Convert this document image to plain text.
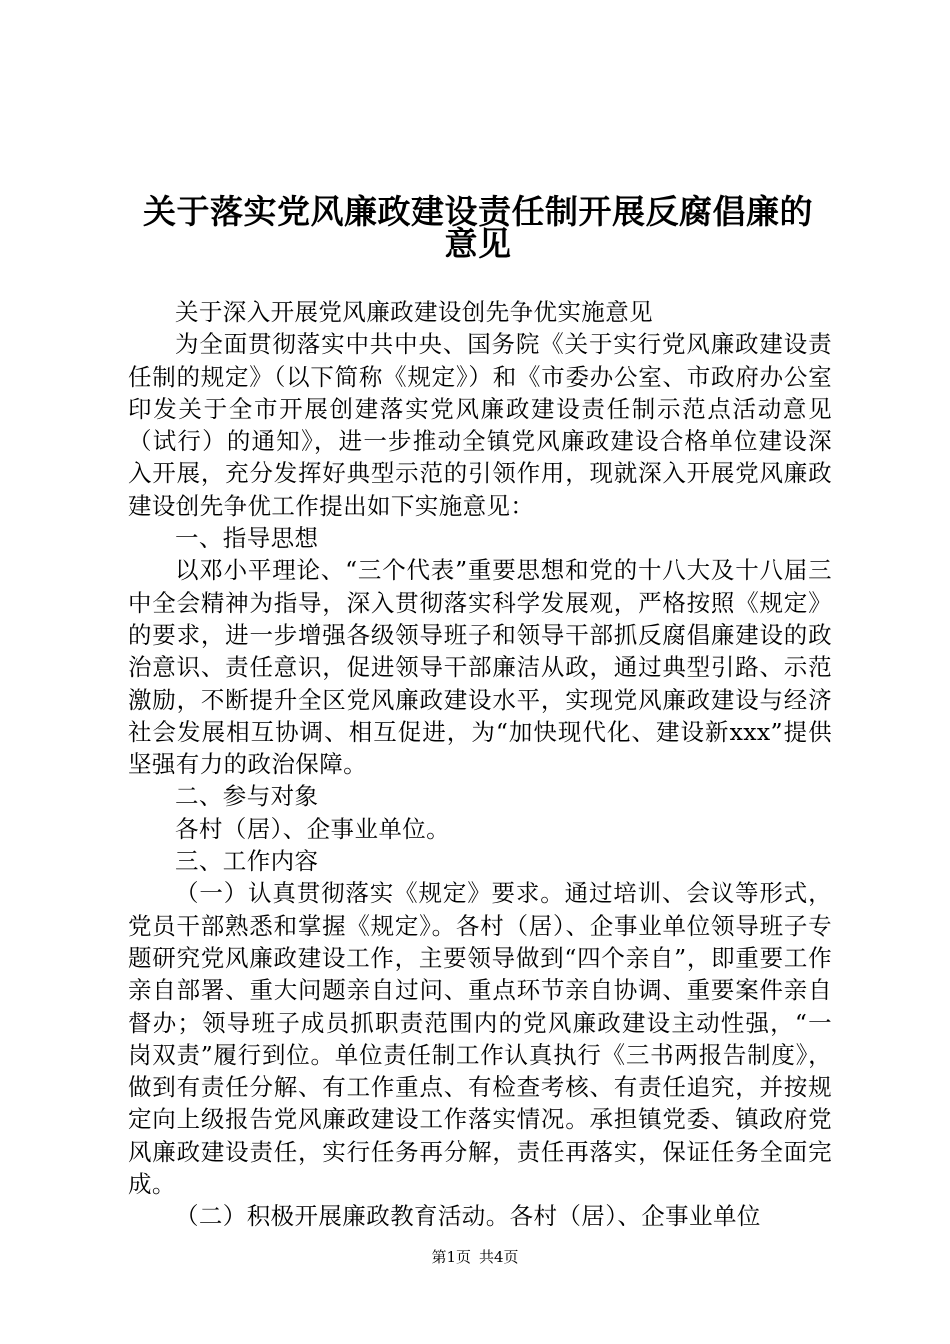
关于落实党风廉政建设责任制开展反腐倡廉的
意见

关于深入开展党风廉政建设创先争优实施意见

为全面贯彻落实中共中央、国务院《关于实行党风廉政建设责任制的规定》（以下简称《规定》）和《市委办公室、市政府办公室印发关于全市开展创建落实党风廉政建设责任制示范点活动意见（试行）的通知》，进一步推动全镇党风廉政建设合格单位建设深入开展，充分发挥好典型示范的引领作用，现就深入开展党风廉政建设创先争优工作提出如下实施意见：

一、指导思想

以邓小平理论、“三个代表”重要思想和党的十八大及十八届三中全会精神为指导，深入贯彻落实科学发展观，严格按照《规定》的要求，进一步增强各级领导班子和领导干部抓反腐倡廉建设的政治意识、责任意识，促进领导干部廉洁从政，通过典型引路、示范激励，不断提升全区党风廉政建设水平，实现党风廉政建设与经济社会发展相互协调、相互促进，为“加快现代化、建设新xxx”提供坚强有力的政治保障。

二、参与对象

各村（居）、企事业单位。

三、工作内容

（一）认真贯彻落实《规定》要求。通过培训、会议等形式，党员干部熟悉和掌握《规定》。各村（居）、企事业单位领导班子专题研究党风廉政建设工作，主要领导做到“四个亲自”，即重要工作亲自部署、重大问题亲自过问、重点环节亲自协调、重要案件亲自督办；领导班子成员抓职责范围内的党风廉政建设主动性强，“一岗双责”履行到位。单位责任制工作认真执行《三书两报告制度》，做到有责任分解、有工作重点、有检查考核、有责任追究，并按规定向上级报告党风廉政建设工作落实情况。承担镇党委、镇政府党风廉政建设责任，实行任务再分解，责任再落实，保证任务全面完成。

（二）积极开展廉政教育活动。各村（居）、企事业单位

第1页 共4页
